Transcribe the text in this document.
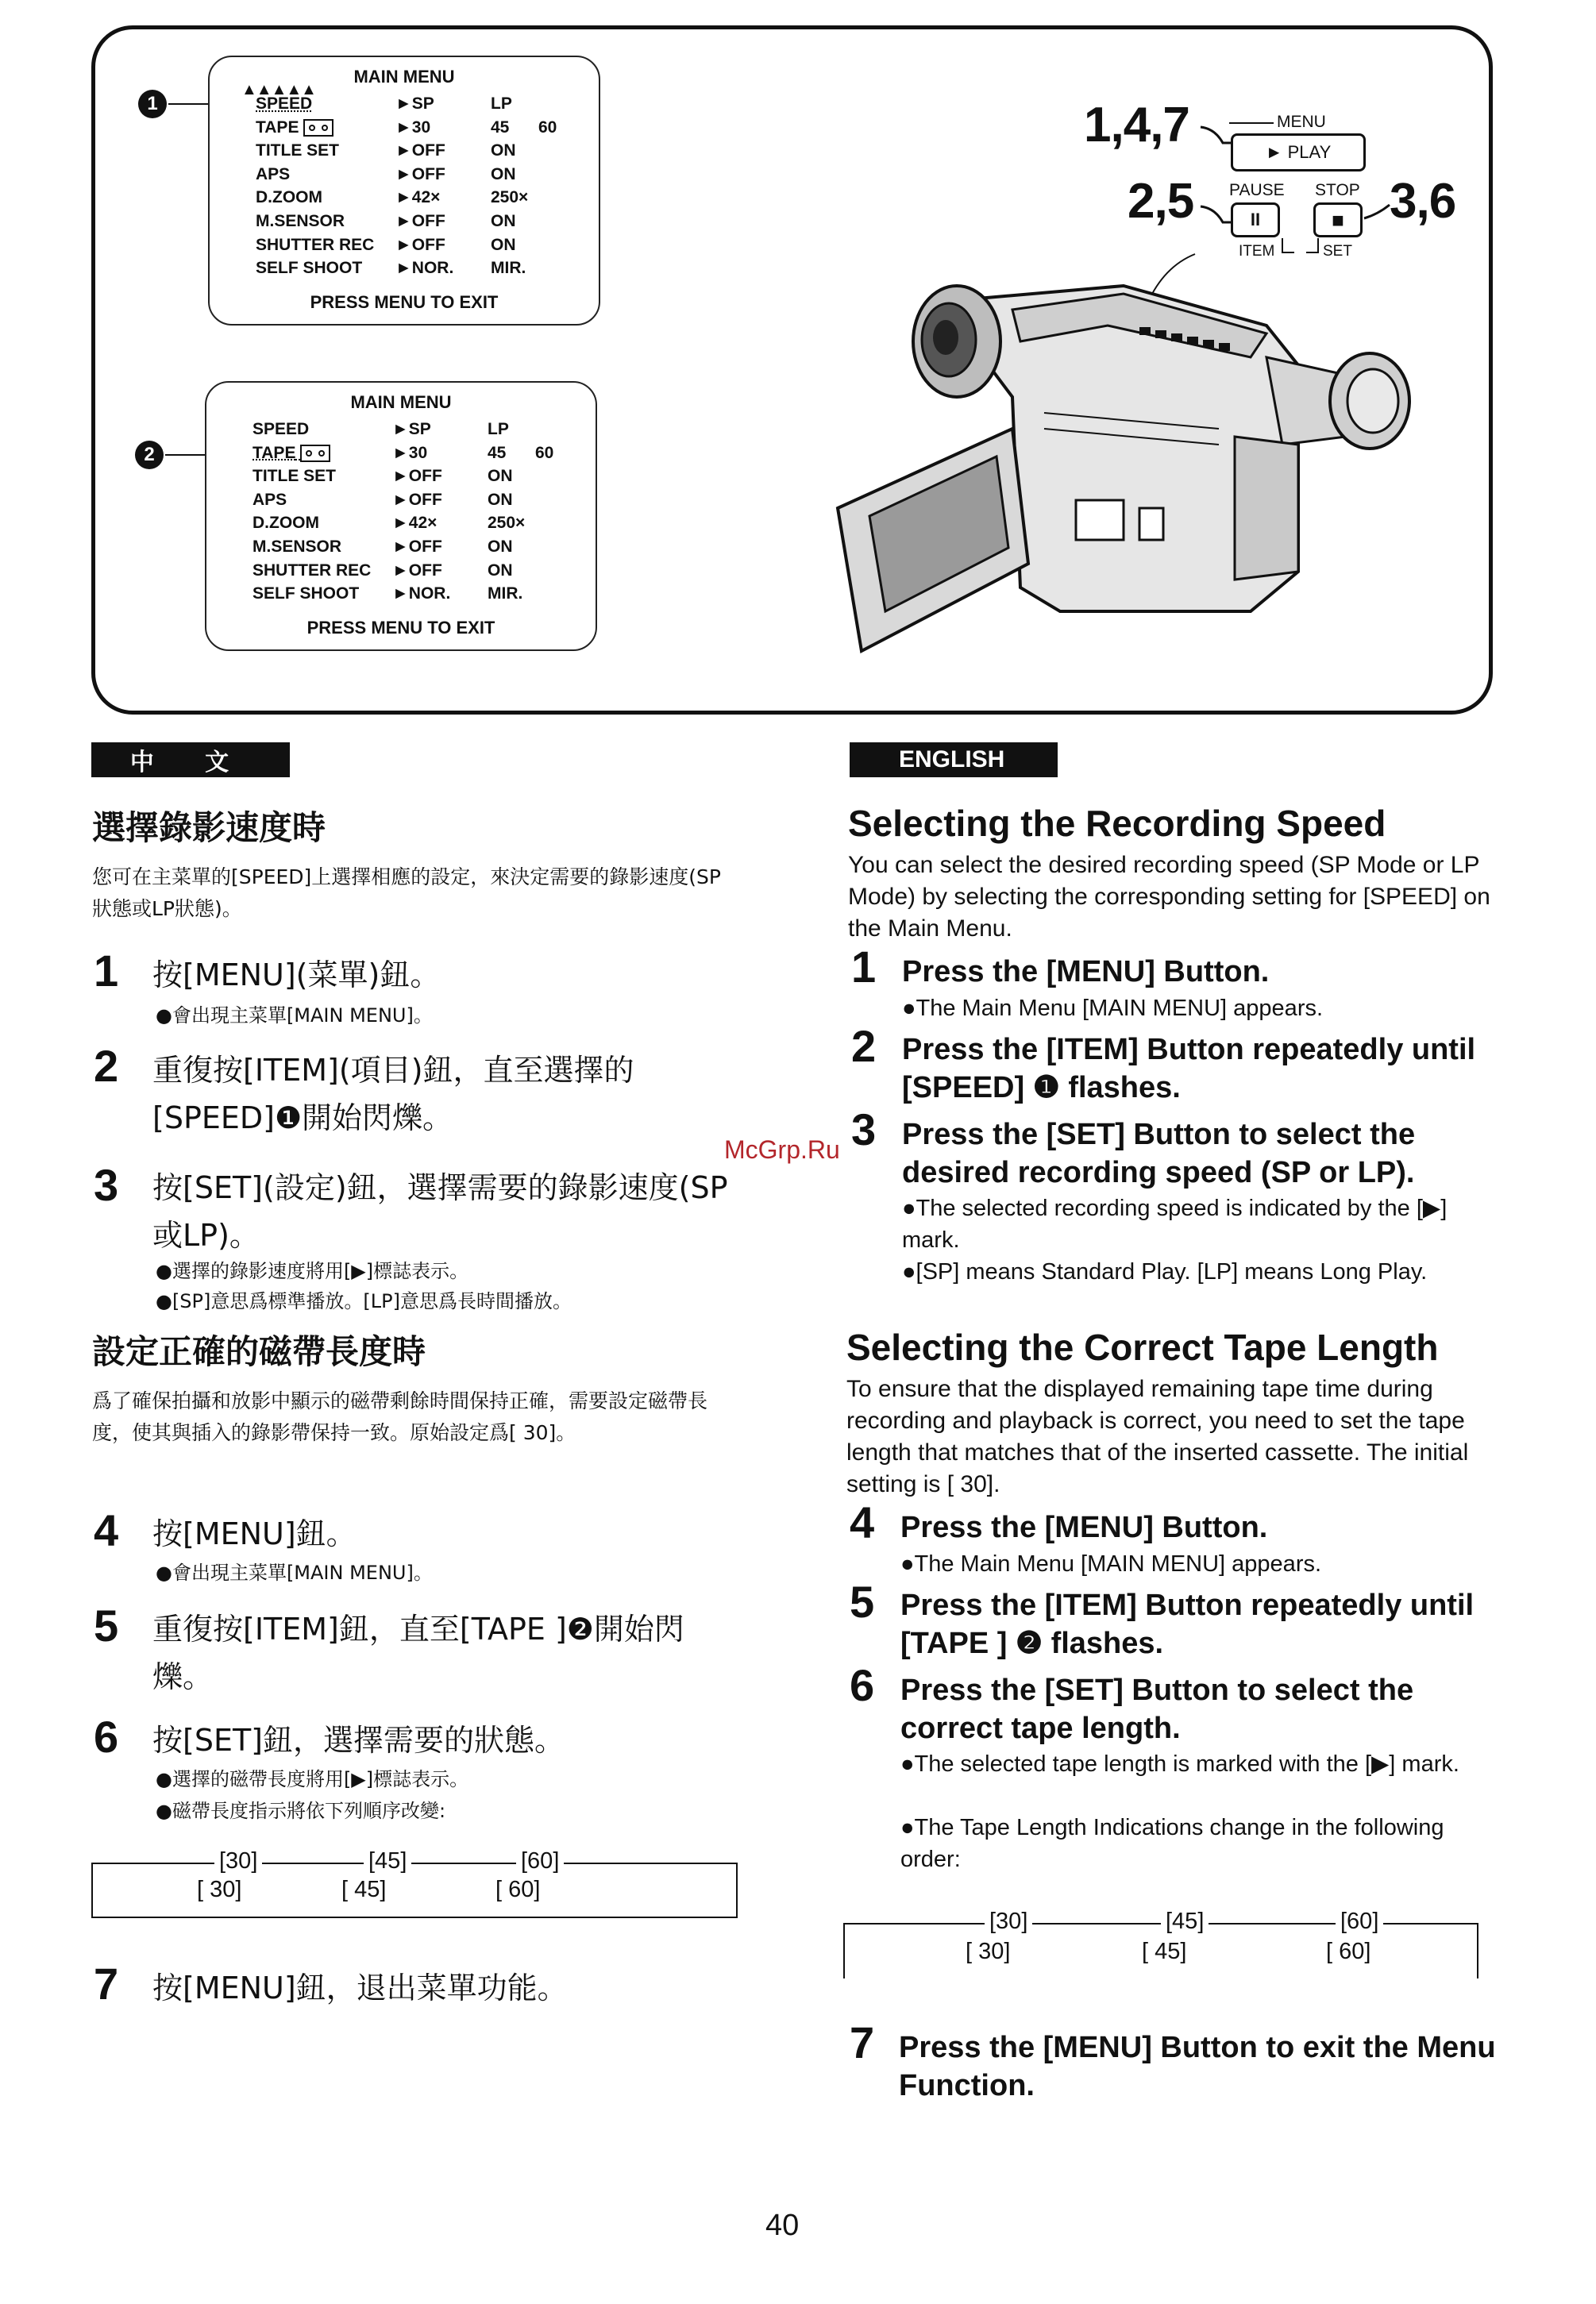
1
MAIN MENU
▲▲▲▲▲
SPEED	►SP	LP
TAPE	►30	45	60
TITLE SET	►OFF	ON
APS	►OFF	ON
D.ZOOM	►42×	250×
M.SENSOR	►OFF	ON
SHUTTER REC	►OFF	ON
SELF SHOOT	►NOR.	MIR.
PRESS MENU TO EXIT
2
MAIN MENU
SPEED	►SP	LP
TAPE	►30	45	60
TITLE SET	►OFF	ON
APS	►OFF	ON
D.ZOOM	►42×	250×
M.SENSOR	►OFF	ON
SHUTTER REC	►OFF	ON
SELF SHOOT	►NOR.	MIR.
PRESS MENU TO EXIT
1,4,7	MENU
► PLAY
2,5 PAUSE
II
STOP
■ 3,6
ITEM	SET
中 文
選擇錄影速度時
您可在主菜單的[SPEED]上選擇相應的設定，來決定需要的錄影速度(SP狀態或LP狀態)。
1 按[MENU](菜單)鈕。
●會出現主菜單[MAIN MENU]。
2 重復按[ITEM](項目)鈕，直至選擇的[SPEED]❶開始閃爍。
3 按[SET](設定)鈕，選擇需要的錄影速度(SP或LP)。
●選擇的錄影速度將用[▶]標誌表示。
●[SP]意思爲標準播放。[LP]意思爲長時間播放。
設定正確的磁帶長度時
爲了確保拍攝和放影中顯示的磁帶剩餘時間保持正確，需要設定磁帶長度，使其與插入的錄影帶保持一致。原始設定爲[ 30]。
4 按[MENU]鈕。
●會出現主菜單[MAIN MENU]。
5 重復按[ITEM]鈕，直至[TAPE ]❷開始閃爍。
6 按[SET]鈕，選擇需要的狀態。
●選擇的磁帶長度將用[▶]標誌表示。
●磁帶長度指示將依下列順序改變:
[30]	[45]	[60]
[ 30]	[ 45]	[ 60]
7 按[MENU]鈕，退出菜單功能。
ENGLISH
Selecting the Recording Speed
You can select the desired recording speed (SP Mode or LP Mode) by selecting the corresponding setting for [SPEED] on the Main Menu.
1 Press the [MENU] Button.
●The Main Menu [MAIN MENU] appears.
2 Press the [ITEM] Button repeatedly until [SPEED] ❶ flashes.
3 Press the [SET] Button to select the desired recording speed (SP or LP).
●The selected recording speed is indicated by the [▶] mark.
●[SP] means Standard Play. [LP] means Long Play.
McGrp.Ru
Selecting the Correct Tape Length
To ensure that the displayed remaining tape time during recording and playback is correct, you need to set the tape length that matches that of the inserted cassette. The initial setting is [ 30].
4 Press the [MENU] Button.
●The Main Menu [MAIN MENU] appears.
5 Press the [ITEM] Button repeatedly until [TAPE ] ❷ flashes.
6 Press the [SET] Button to select the correct tape length.
●The selected tape length is marked with the [▶] mark.
●The Tape Length Indications change in the following order:
[30]	[45]	[60]
[ 30]	[ 45]	[ 60]
7 Press the [MENU] Button to exit the Menu Function.
40
